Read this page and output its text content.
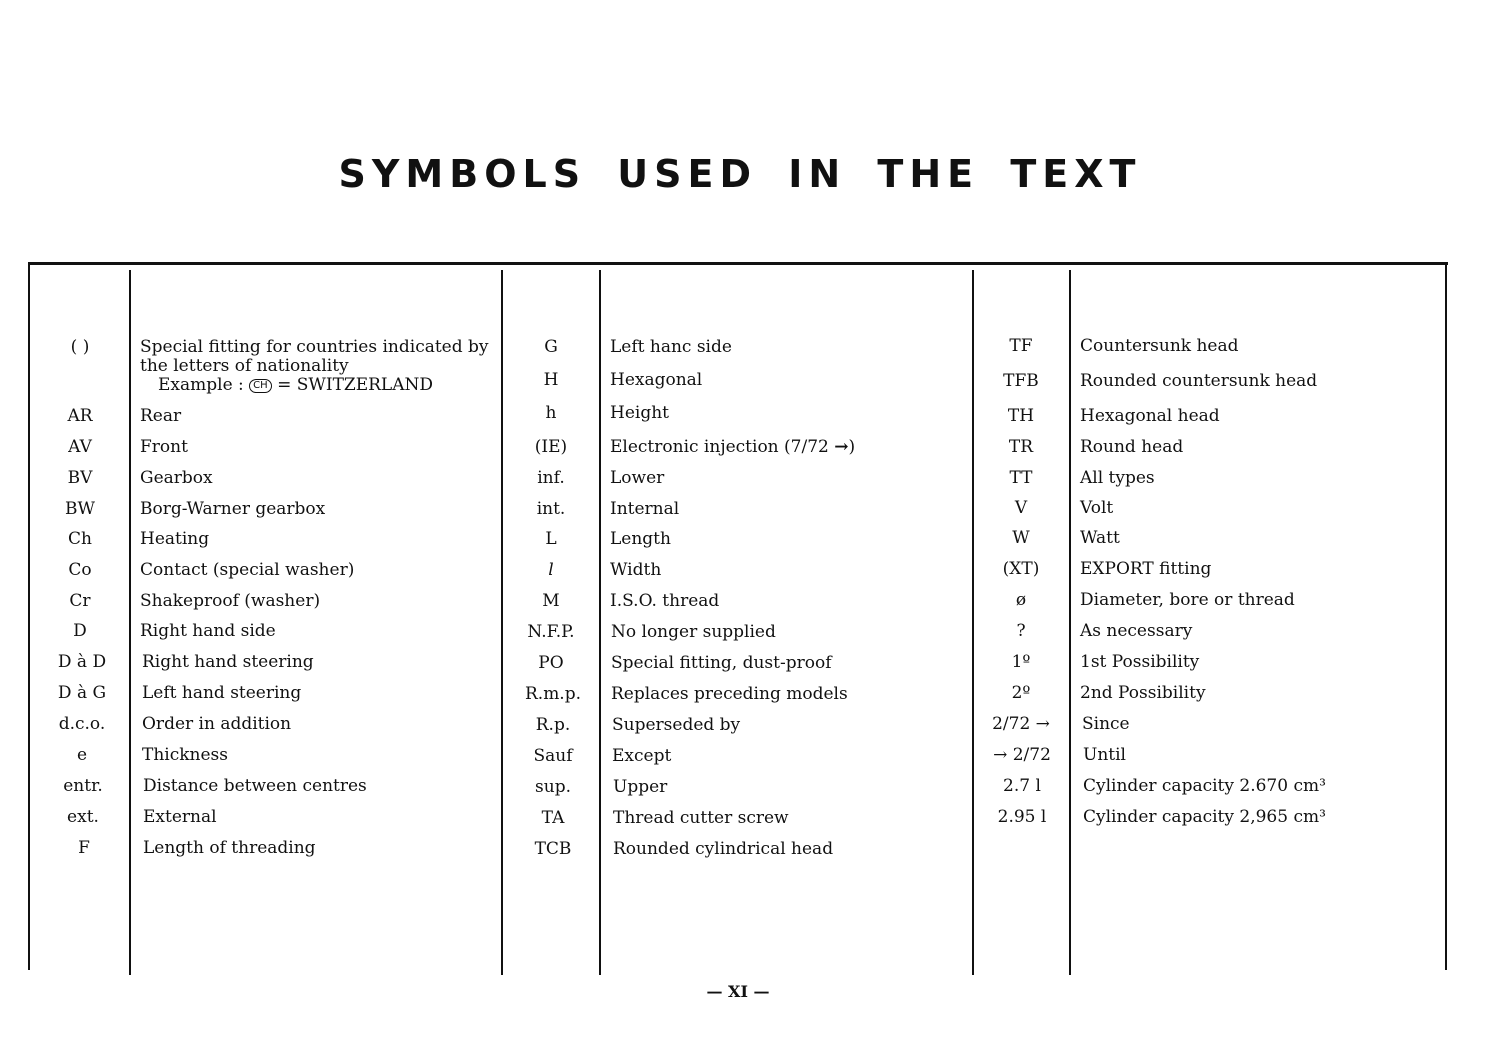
SYMBOLS USED IN THE TEXT
( )	Special fitting for countries indicated by
the letters of nationality
Example : CH = SWITZERLAND
AR	Rear
AV	Front
BV	Gearbox
BW	Borg-Warner gearbox
Ch	Heating
Co	Contact (special washer)
Cr	Shakeproof (washer)
D	Right hand side
D à D	Right hand steering
D à G	Left hand steering
d.c.o.	Order in addition
e	Thickness
entr.	Distance between centres
ext.	External
F	Length of threading
G	Left hanc side
H	Hexagonal
h	Height
(IE)	Electronic injection (7/72 →)
inf.	Lower
int.	Internal
L	Length
l	Width
M	I.S.O. thread
N.F.P.	No longer supplied
PO	Special fitting, dust-proof
R.m.p.	Replaces preceding models
R.p.	Superseded by
Sauf	Except
sup.	Upper
TA	Thread cutter screw
TCB	Rounded cylindrical head
TF	Countersunk head
TFB	Rounded countersunk head
TH	Hexagonal head
TR	Round head
TT	All types
V	Volt
W	Watt
(XT)	EXPORT fitting
ø	Diameter, bore or thread
?	As necessary
1º	1st Possibility
2º	2nd Possibility
2/72 →	Since
→ 2/72	Until
2.7 l	Cylinder capacity 2.670 cm³
2.95 l	Cylinder capacity 2,965 cm³
— XI —
